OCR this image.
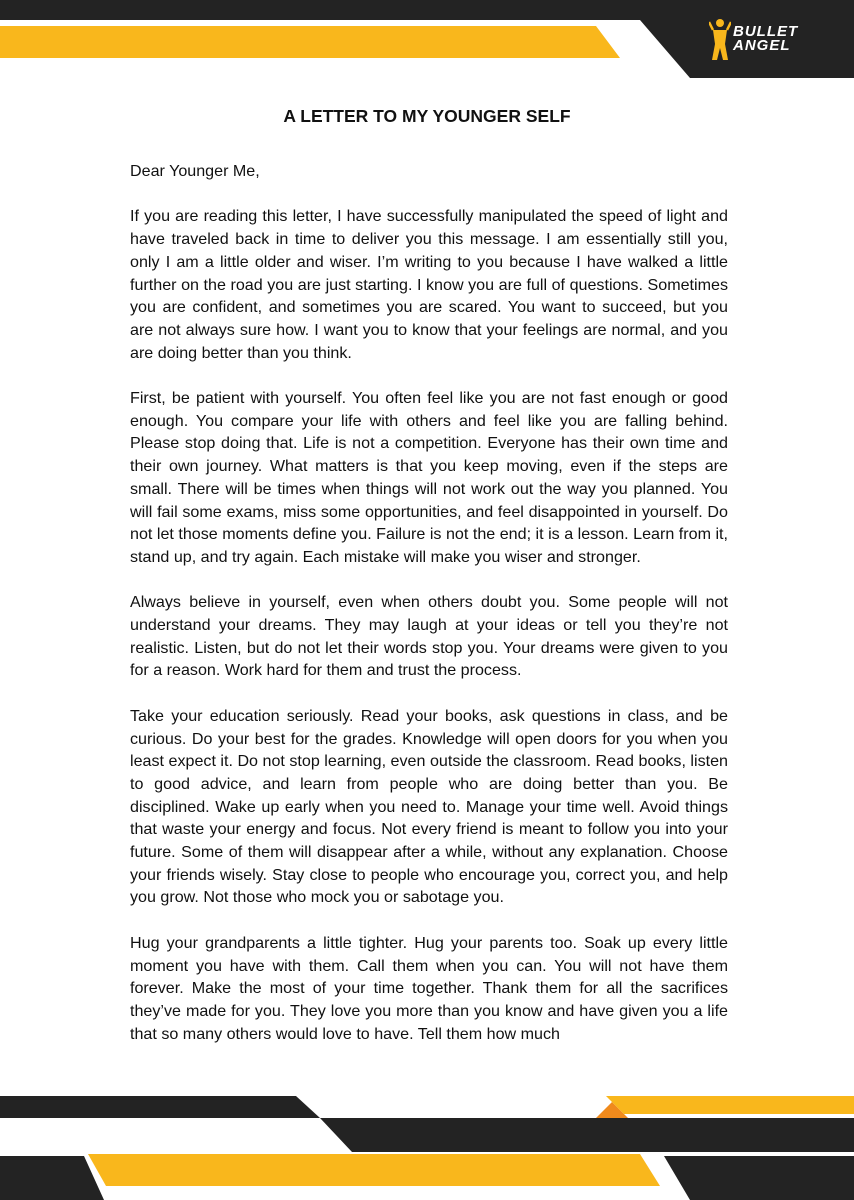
BULLET
ANGEL
A LETTER TO MY YOUNGER SELF

Dear Younger Me,

If you are reading this letter, I have successfully manipulated the speed of light and have traveled back in time to deliver you this message. I am essentially still you, only I am a little older and wiser. I’m writing to you because I have walked a little further on the road you are just starting. I know you are full of questions. Sometimes you are confident, and sometimes you are scared. You want to succeed, but you are not always sure how. I want you to know that your feelings are normal, and you are doing better than you think.

First, be patient with yourself. You often feel like you are not fast enough or good enough. You compare your life with others and feel like you are falling behind. Please stop doing that. Life is not a competition. Everyone has their own time and their own journey. What matters is that you keep moving, even if the steps are small. There will be times when things will not work out the way you planned. You will fail some exams, miss some opportunities, and feel disappointed in yourself. Do not let those moments define you. Failure is not the end; it is a lesson. Learn from it, stand up, and try again. Each mistake will make you wiser and stronger.

Always believe in yourself, even when others doubt you. Some people will not understand your dreams. They may laugh at your ideas or tell you they’re not realistic. Listen, but do not let their words stop you. Your dreams were given to you for a reason. Work hard for them and trust the process.

Take your education seriously. Read your books, ask questions in class, and be curious. Do your best for the grades. Knowledge will open doors for you when you least expect it. Do not stop learning, even outside the classroom. Read books, listen to good advice, and learn from people who are doing better than you. Be disciplined. Wake up early when you need to. Manage your time well. Avoid things that waste your energy and focus. Not every friend is meant to follow you into your future. Some of them will disappear after a while, without any explanation. Choose your friends wisely. Stay close to people who encourage you, correct you, and help you grow. Not those who mock you or sabotage you.

Hug your grandparents a little tighter. Hug your parents too. Soak up every little moment you have with them. Call them when you can. You will not have them forever. Make the most of your time together. Thank them for all the sacrifices they’ve made for you. They love you more than you know and have given you a life that so many others would love to have. Tell them how much
